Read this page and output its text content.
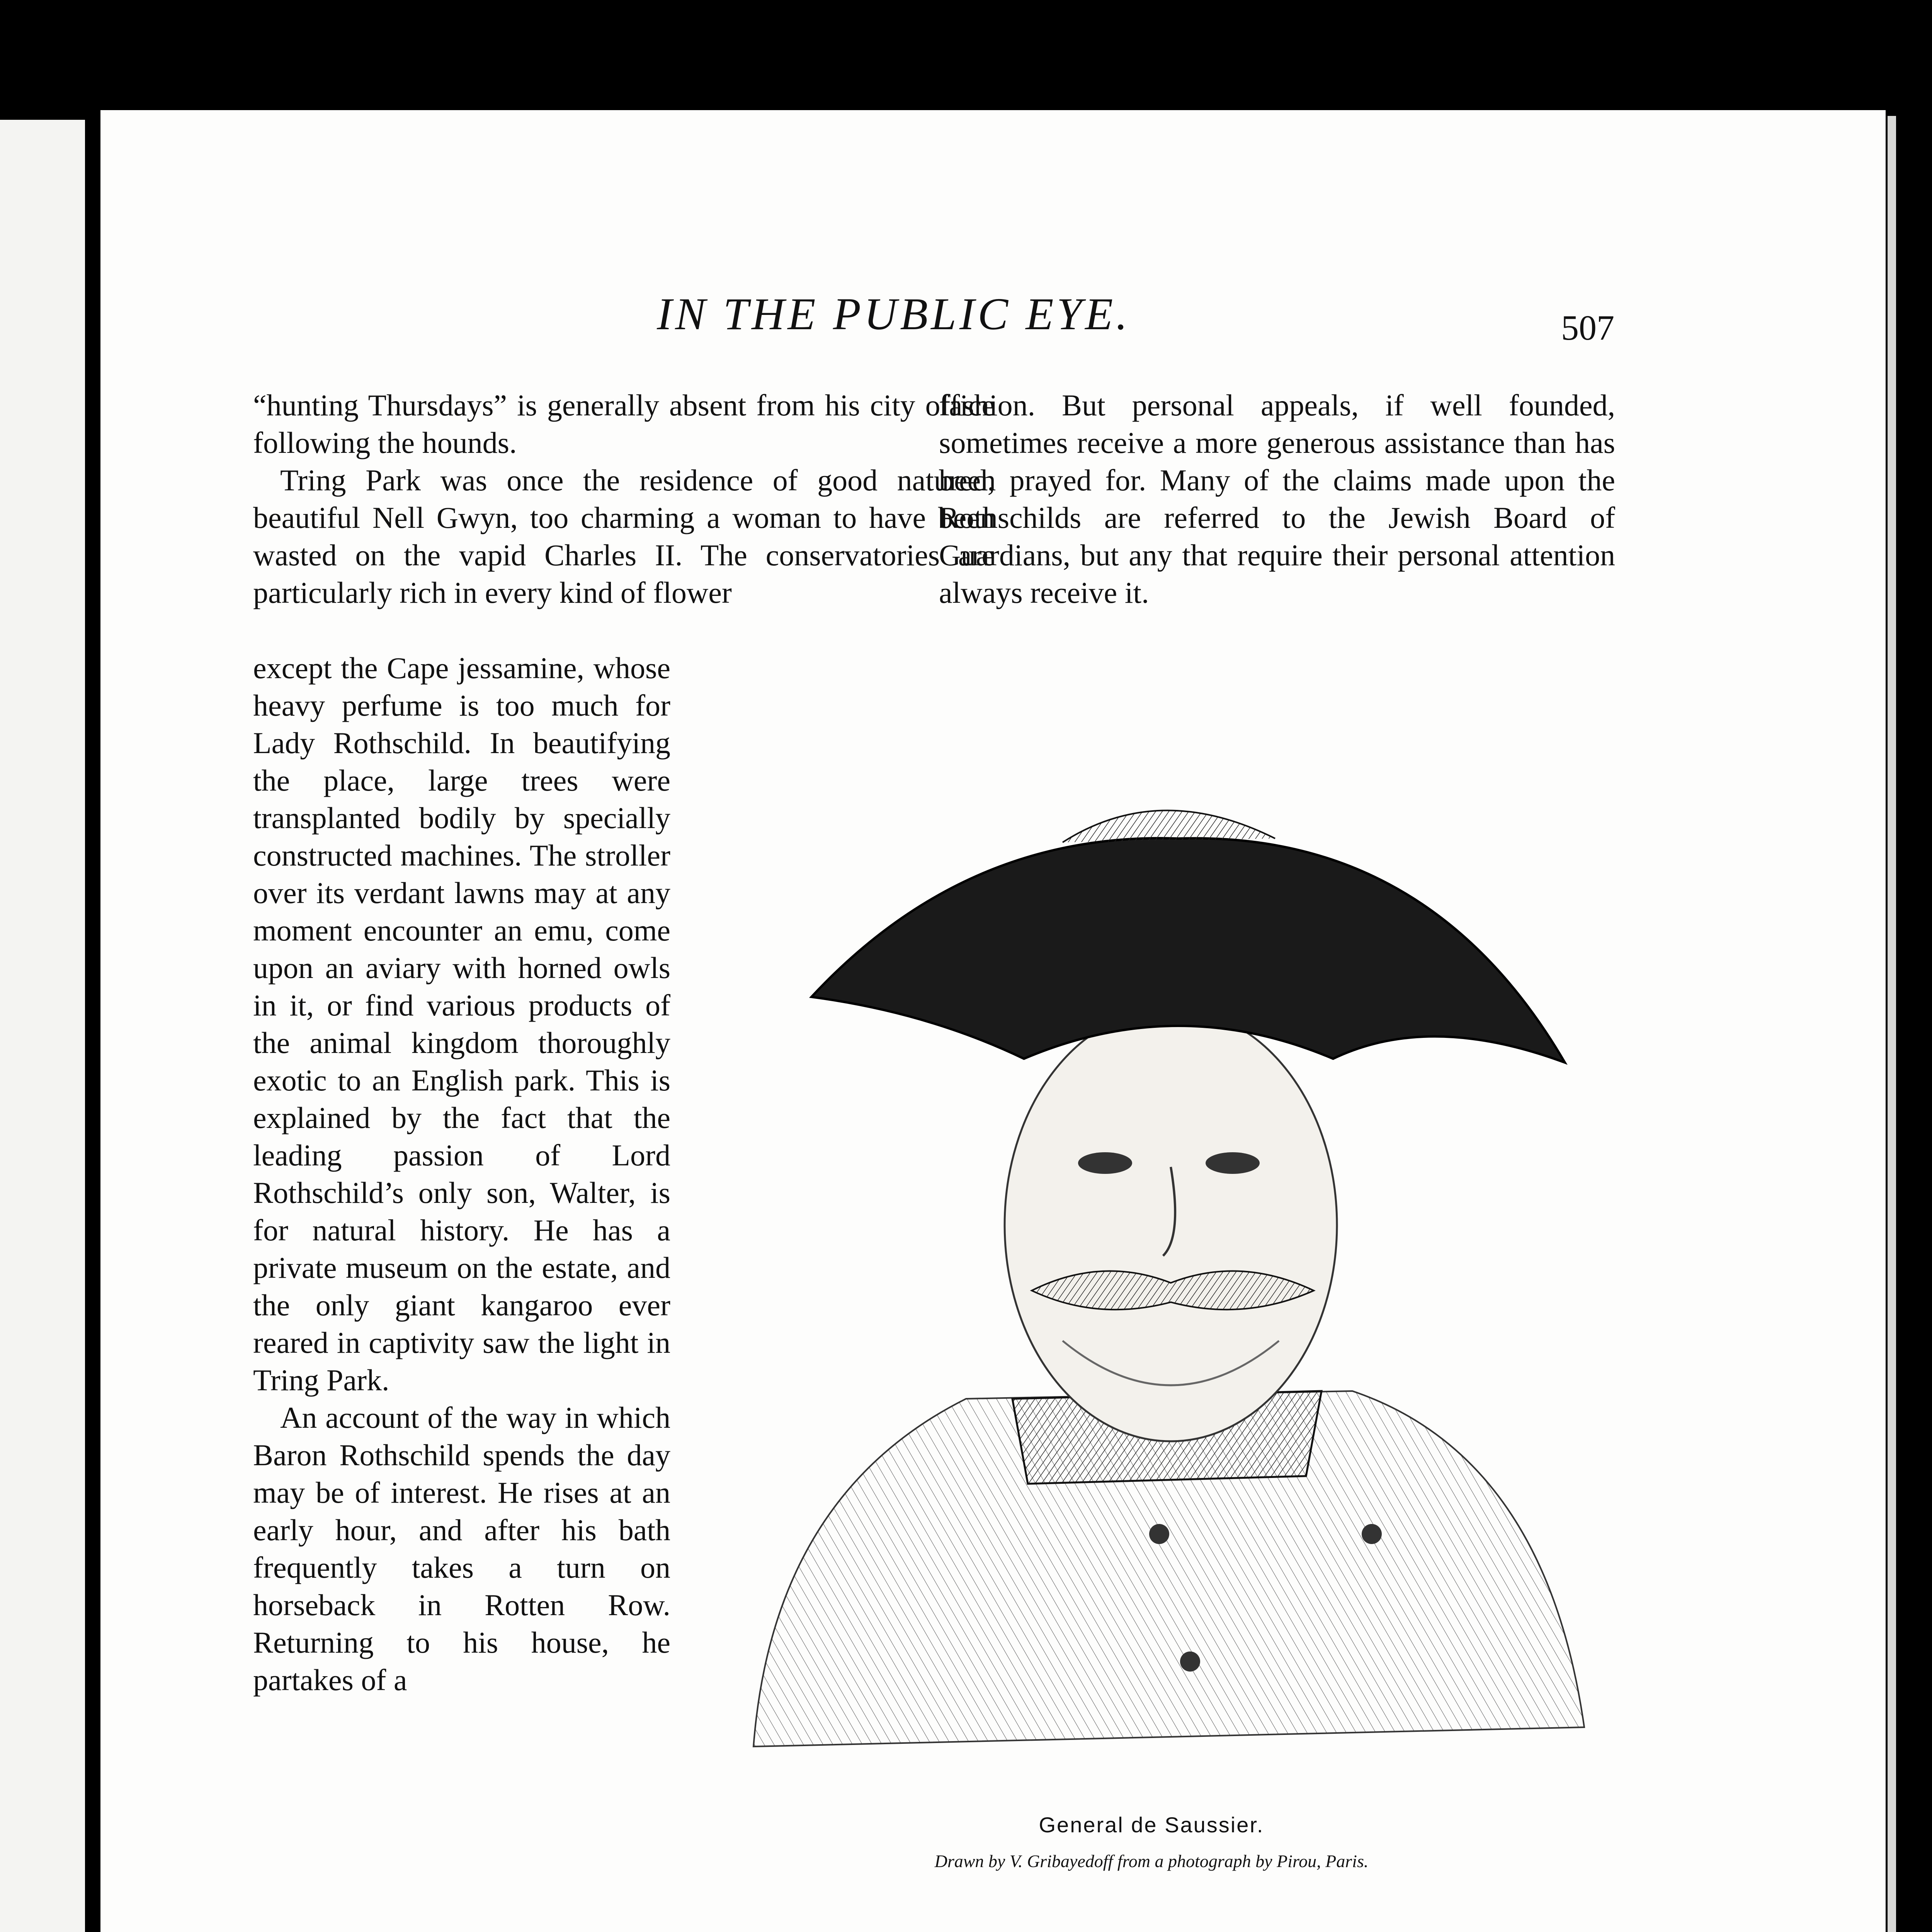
IN THE PUBLIC EYE.	507

“hunting Thursdays” is generally absent from his city office following the hounds.

Tring Park was once the residence of good natured, beautiful Nell Gwyn, too charming a woman to have been wasted on the vapid Charles II. The conservatories are particularly rich in every kind of flower

except the Cape jessamine, whose heavy perfume is too much for Lady Rothschild. In beautifying the place, large trees were transplanted bodily by specially constructed machines. The stroller over its verdant lawns may at any moment encounter an emu, come upon an aviary with horned owls in it, or find various products of the animal kingdom thoroughly exotic to an English park. This is explained by the fact that the leading passion of Lord Rothschild’s only son, Walter, is for natural history. He has a private museum on the estate, and the only giant kangaroo ever reared in captivity saw the light in Tring Park.

An account of the way in which Baron Rothschild spends the day may be of interest. He rises at an early hour, and after his bath frequently takes a turn on horseback in Rotten Row. Returning to his house, he partakes of a

fashion. But personal appeals, if well founded, sometimes receive a more generous assistance than has been prayed for. Many of the claims made upon the Rothschilds are referred to the Jewish Board of Guardians, but any that require their personal attention always receive it.

General de Saussier.
Drawn by V. Gribayedoff from a photograph by Pirou, Paris.
